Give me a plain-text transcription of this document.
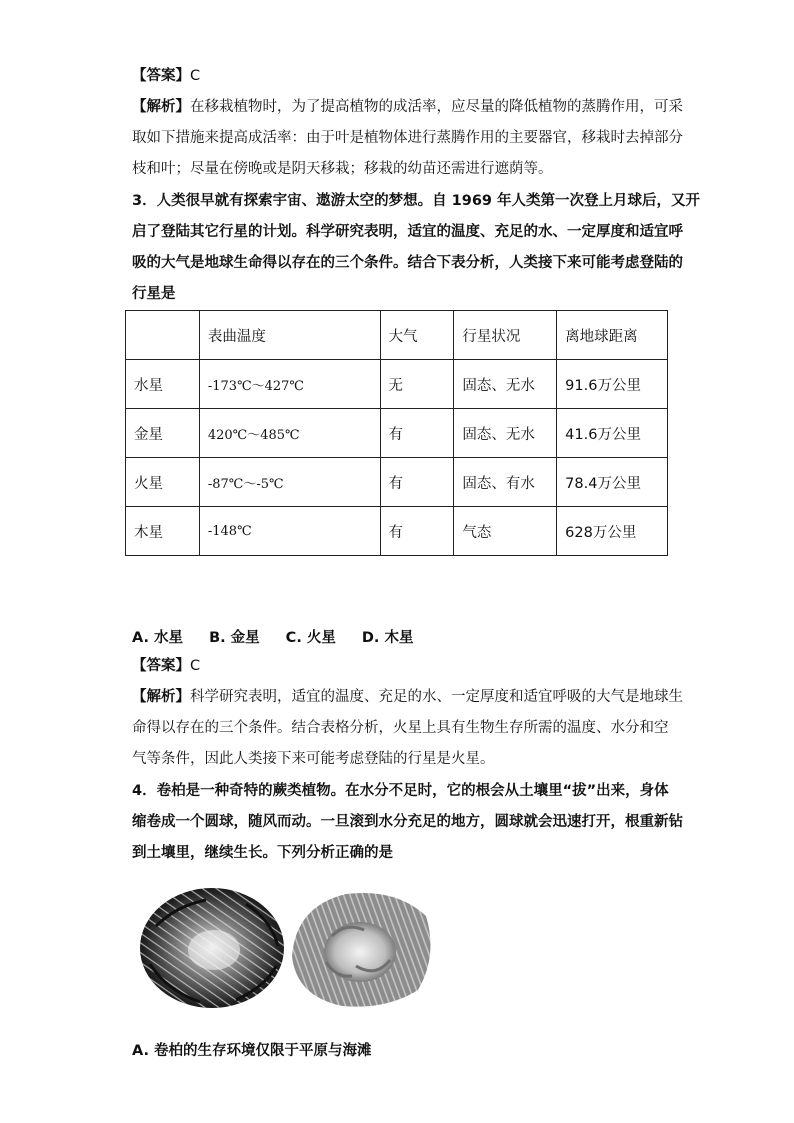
【答案】C
【解析】在移栽植物时，为了提高植物的成活率，应尽量的降低植物的蒸腾作用，可采
取如下措施来提高成活率：由于叶是植物体进行蒸腾作用的主要器官，移栽时去掉部分
枝和叶；尽量在傍晚或是阴天移栽；移栽的幼苗还需进行遮荫等。
3．人类很早就有探索宇宙、遨游太空的梦想。自 1969 年人类第一次登上月球后，又开
启了登陆其它行星的计划。科学研究表明，适宜的温度、充足的水、一定厚度和适宜呼
吸的大气是地球生命得以存在的三个条件。结合下表分析，人类接下来可能考虑登陆的
行星是
	表曲温度	大气	行星状况	离地球距离
水星	-173℃～427℃	无	固态、无水	91.6万公里
金星	420℃～485℃	有	固态、无水	41.6万公里
火星	-87℃～-5℃	有	固态、有水	78.4万公里
木星	-148℃	有	气态	628万公里
A. 水星 B. 金星 C. 火星 D. 木星
【答案】C
【解析】科学研究表明，适宜的温度、充足的水、一定厚度和适宜呼吸的大气是地球生
命得以存在的三个条件。结合表格分析，火星上具有生物生存所需的温度、水分和空
气等条件，因此人类接下来可能考虑登陆的行星是火星。
4．卷柏是一种奇特的蕨类植物。在水分不足时，它的根会从土壤里“拔”出来，身体
缩卷成一个圆球，随风而动。一旦滚到水分充足的地方，圆球就会迅速打开，根重新钻
到土壤里，继续生长。下列分析正确的是
A. 卷柏的生存环境仅限于平原与海滩
